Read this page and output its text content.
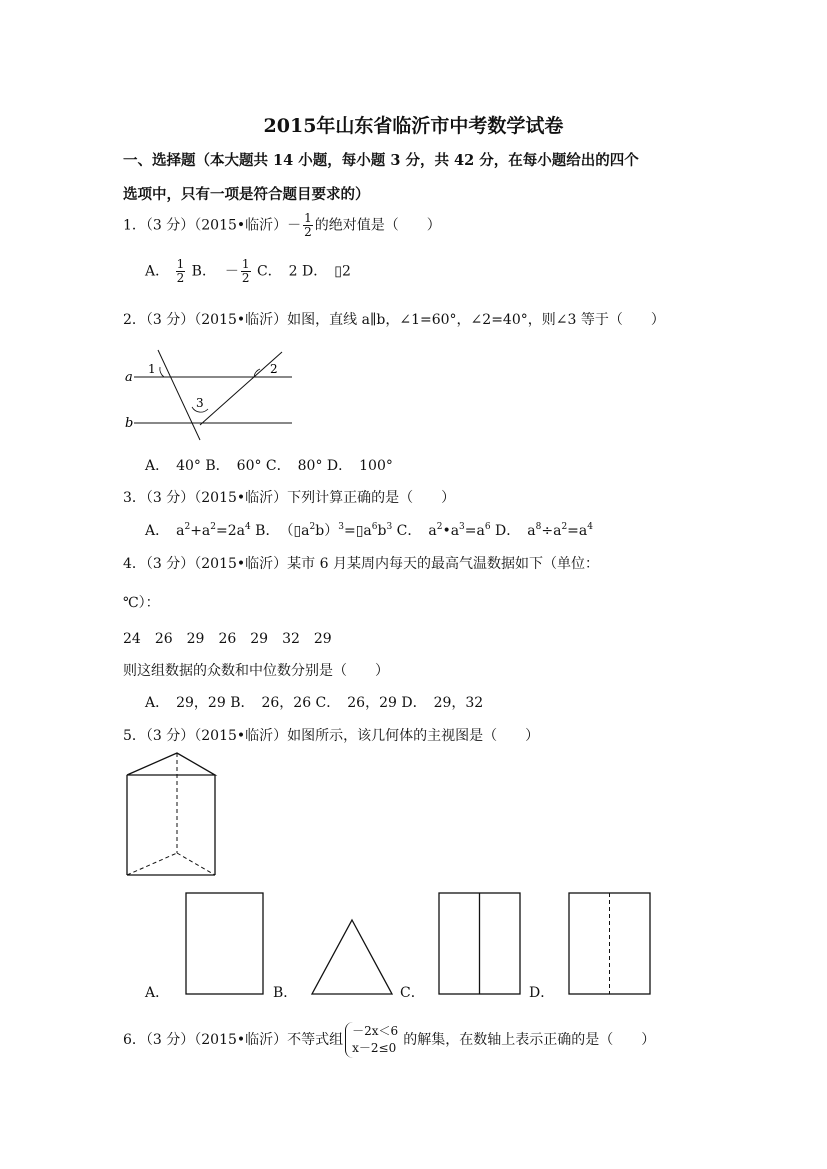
2015年山东省临沂市中考数学试卷
一、选择题（本大题共 14 小题，每小题 3 分，共 42 分，在每小题给出的四个
选项中，只有一项是符合题目要求的）
1．（3 分）（2015•临沂）－ $\frac{1}{2}$ 的绝对值是（　　）
A． $\frac{1}{2}$ B． － $\frac{1}{2}$ C．　2 D．　▯2
2．（3 分）（2015•临沂）如图，直线 a∥b，∠1=60°，∠2=40°，则∠3 等于（　　）
a
b
1	2
3
A．　40° B．　60° C．　80° D．　100°
3．（3 分）（2015•临沂）下列计算正确的是（　　）
A．　$a^2+a^2=2a^4$ B．　$(▯a^2b)^3=▯a^6b^3$ C．　$a^2•a^3=a^6$ D．　$a^8\div a^2=a^4$
4．（3 分）（2015•临沂）某市 6 月某周内每天的最高气温数据如下（单位：
℃）：
24　26　29　26　29　32　29
则这组数据的众数和中位数分别是（　　）
A．　29，29 B．　26，26 C．　26，29 D．　29，32
5．（3 分）（2015•临沂）如图所示，该几何体的主视图是（　　）
A．	B．	C．	D．
6．（3 分）（2015•临沂）不等式组
－2x＜6
x－2≤0 的解集，在数轴上表示正确的是（　　）
